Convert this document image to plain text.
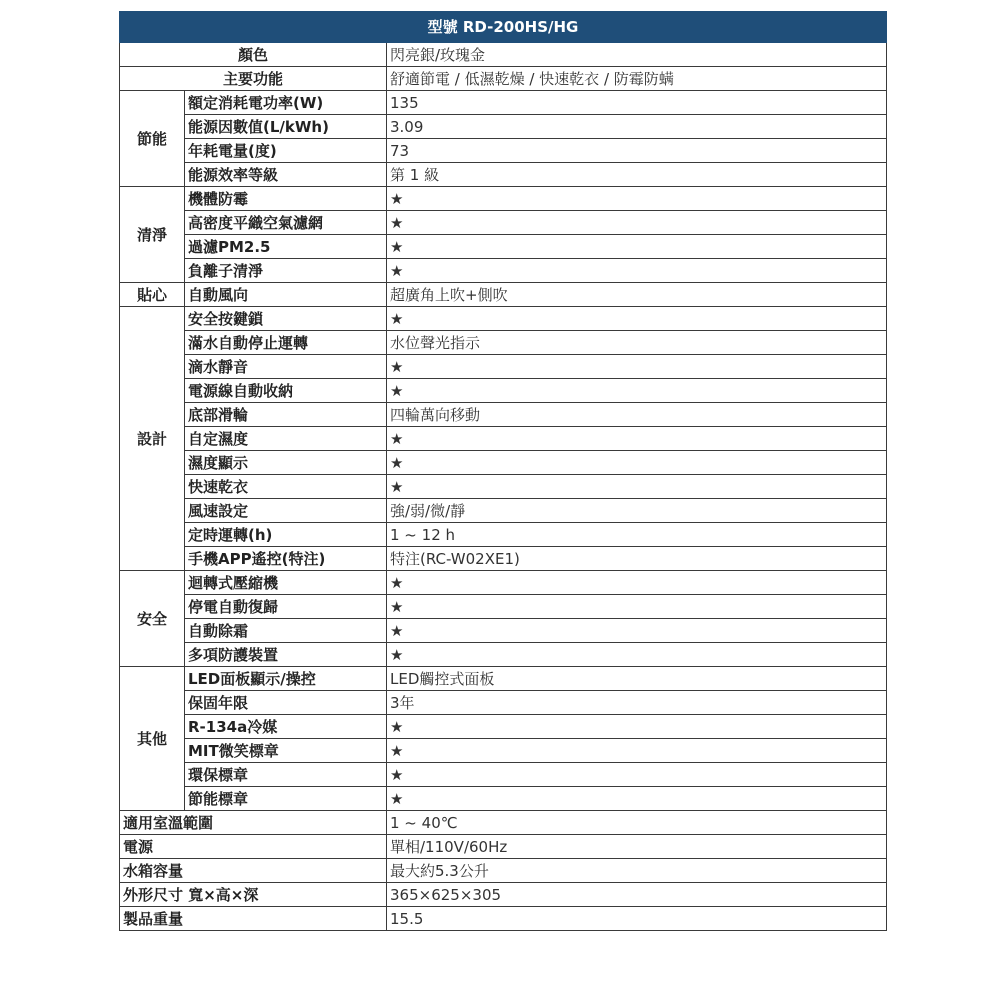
型號 RD-200HS/HG		
顏色		閃亮銀/玫瑰金
主要功能		舒適節電 / 低濕乾燥 / 快速乾衣 / 防霉防螨
節能	額定消耗電功率(W)	135
	能源因數值(L/kWh)	3.09
	年耗電量(度)	73
	能源效率等級	第 1 級
清淨	機體防霉	★
	高密度平織空氣濾網	★
	過濾PM2.5	★
	負離子清淨	★
貼心	自動風向	超廣角上吹+側吹
設計	安全按鍵鎖	★
	滿水自動停止運轉	水位聲光指示
	滴水靜音	★
	電源線自動收納	★
	底部滑輪	四輪萬向移動
	自定濕度	★
	濕度顯示	★
	快速乾衣	★
	風速設定	強/弱/微/靜
	定時運轉(h)	1 ~ 12 h
	手機APP遙控(特注)	特注(RC-W02XE1)
安全	迴轉式壓縮機	★
	停電自動復歸	★
	自動除霜	★
	多項防護裝置	★
其他	LED面板顯示/操控	LED觸控式面板
	保固年限	3年
	R-134a冷媒	★
	MIT微笑標章	★
	環保標章	★
	節能標章	★
適用室溫範圍		1 ~ 40℃
電源		單相/110V/60Hz
水箱容量		最大約5.3公升
外形尺寸 寬×高×深		365×625×305
製品重量		15.5
